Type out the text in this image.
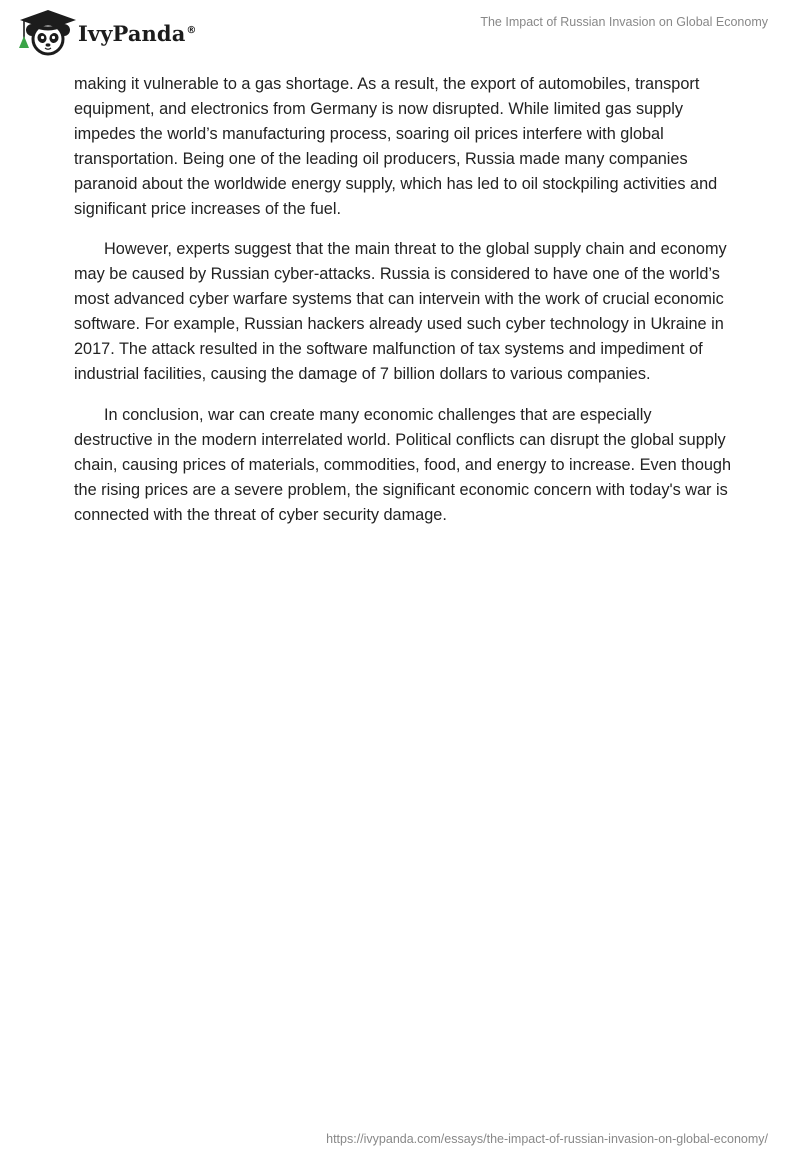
IvyPanda ®
The Impact of Russian Invasion on Global Economy

making it vulnerable to a gas shortage. As a result, the export of automobiles, transport equipment, and electronics from Germany is now disrupted. While limited gas supply impedes the world’s manufacturing process, soaring oil prices interfere with global transportation. Being one of the leading oil producers, Russia made many companies paranoid about the worldwide energy supply, which has led to oil stockpiling activities and significant price increases of the fuel.

However, experts suggest that the main threat to the global supply chain and economy may be caused by Russian cyber-attacks. Russia is considered to have one of the world’s most advanced cyber warfare systems that can intervein with the work of crucial economic software. For example, Russian hackers already used such cyber technology in Ukraine in 2017. The attack resulted in the software malfunction of tax systems and impediment of industrial facilities, causing the damage of 7 billion dollars to various companies.

In conclusion, war can create many economic challenges that are especially destructive in the modern interrelated world. Political conflicts can disrupt the global supply chain, causing prices of materials, commodities, food, and energy to increase. Even though the rising prices are a severe problem, the significant economic concern with today's war is connected with the threat of cyber security damage.

https://ivypanda.com/essays/the-impact-of-russian-invasion-on-global-economy/
